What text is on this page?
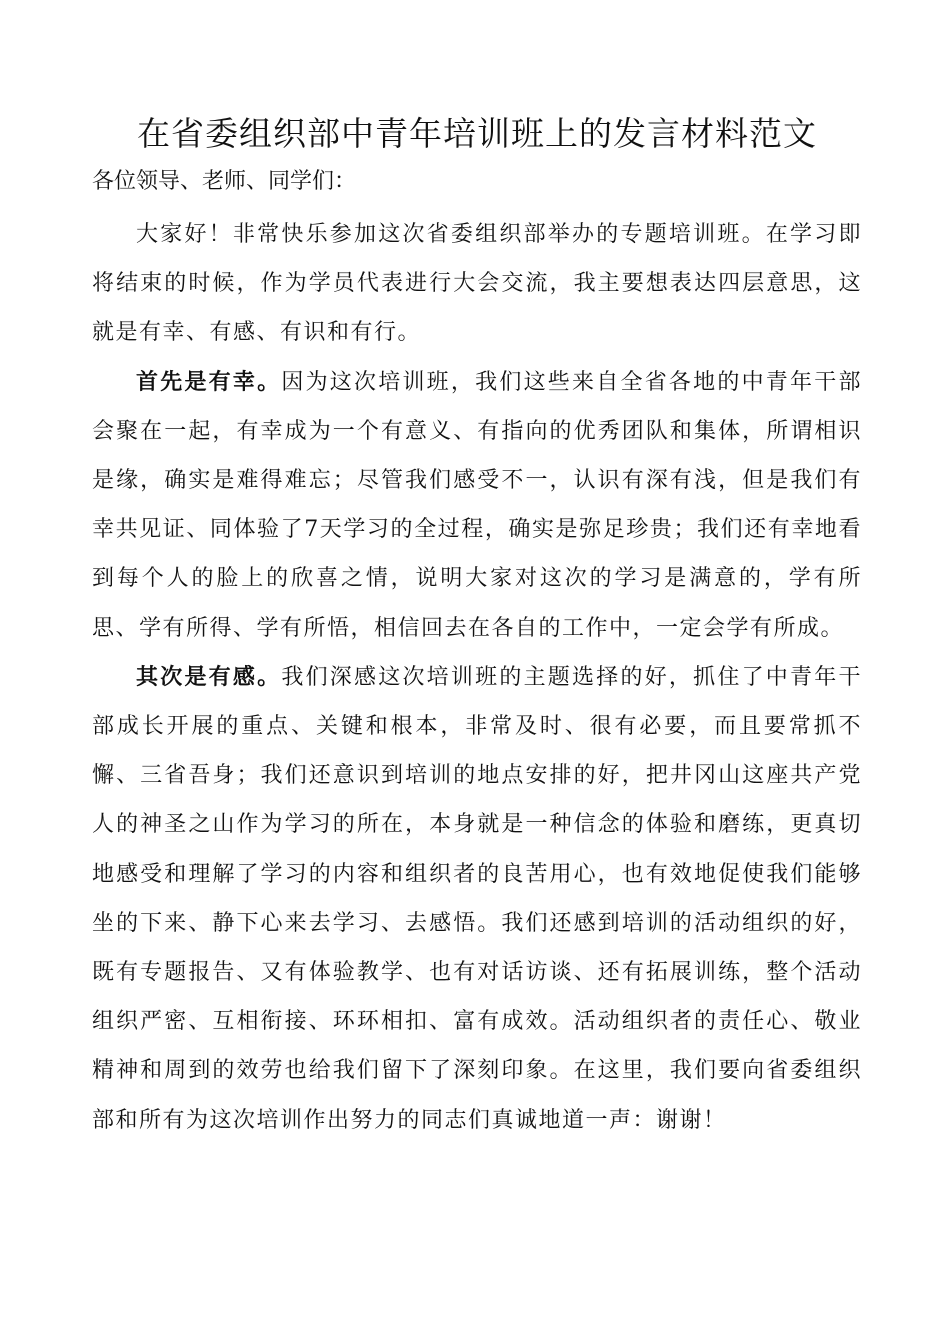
在省委组织部中青年培训班上的发言材料范文
各位领导、老师、同学们：

大家好！非常快乐参加这次省委组织部举办的专题培训班。在学习即将结束的时候，作为学员代表进行大会交流，我主要想表达四层意思，这就是有幸、有感、有识和有行。

首先是有幸。因为这次培训班，我们这些来自全省各地的中青年干部会聚在一起，有幸成为一个有意义、有指向的优秀团队和集体，所谓相识是缘，确实是难得难忘；尽管我们感受不一，认识有深有浅，但是我们有幸共见证、同体验了7天学习的全过程，确实是弥足珍贵；我们还有幸地看到每个人的脸上的欣喜之情，说明大家对这次的学习是满意的，学有所思、学有所得、学有所悟，相信回去在各自的工作中，一定会学有所成。

其次是有感。我们深感这次培训班的主题选择的好，抓住了中青年干部成长开展的重点、关键和根本，非常及时、很有必要，而且要常抓不懈、三省吾身；我们还意识到培训的地点安排的好，把井冈山这座共产党人的神圣之山作为学习的所在，本身就是一种信念的体验和磨练，更真切地感受和理解了学习的内容和组织者的良苦用心，也有效地促使我们能够坐的下来、静下心来去学习、去感悟。我们还感到培训的活动组织的好，既有专题报告、又有体验教学、也有对话访谈、还有拓展训练，整个活动组织严密、互相衔接、环环相扣、富有成效。活动组织者的责任心、敬业精神和周到的效劳也给我们留下了深刻印象。在这里，我们要向省委组织部和所有为这次培训作出努力的同志们真诚地道一声：谢谢！
